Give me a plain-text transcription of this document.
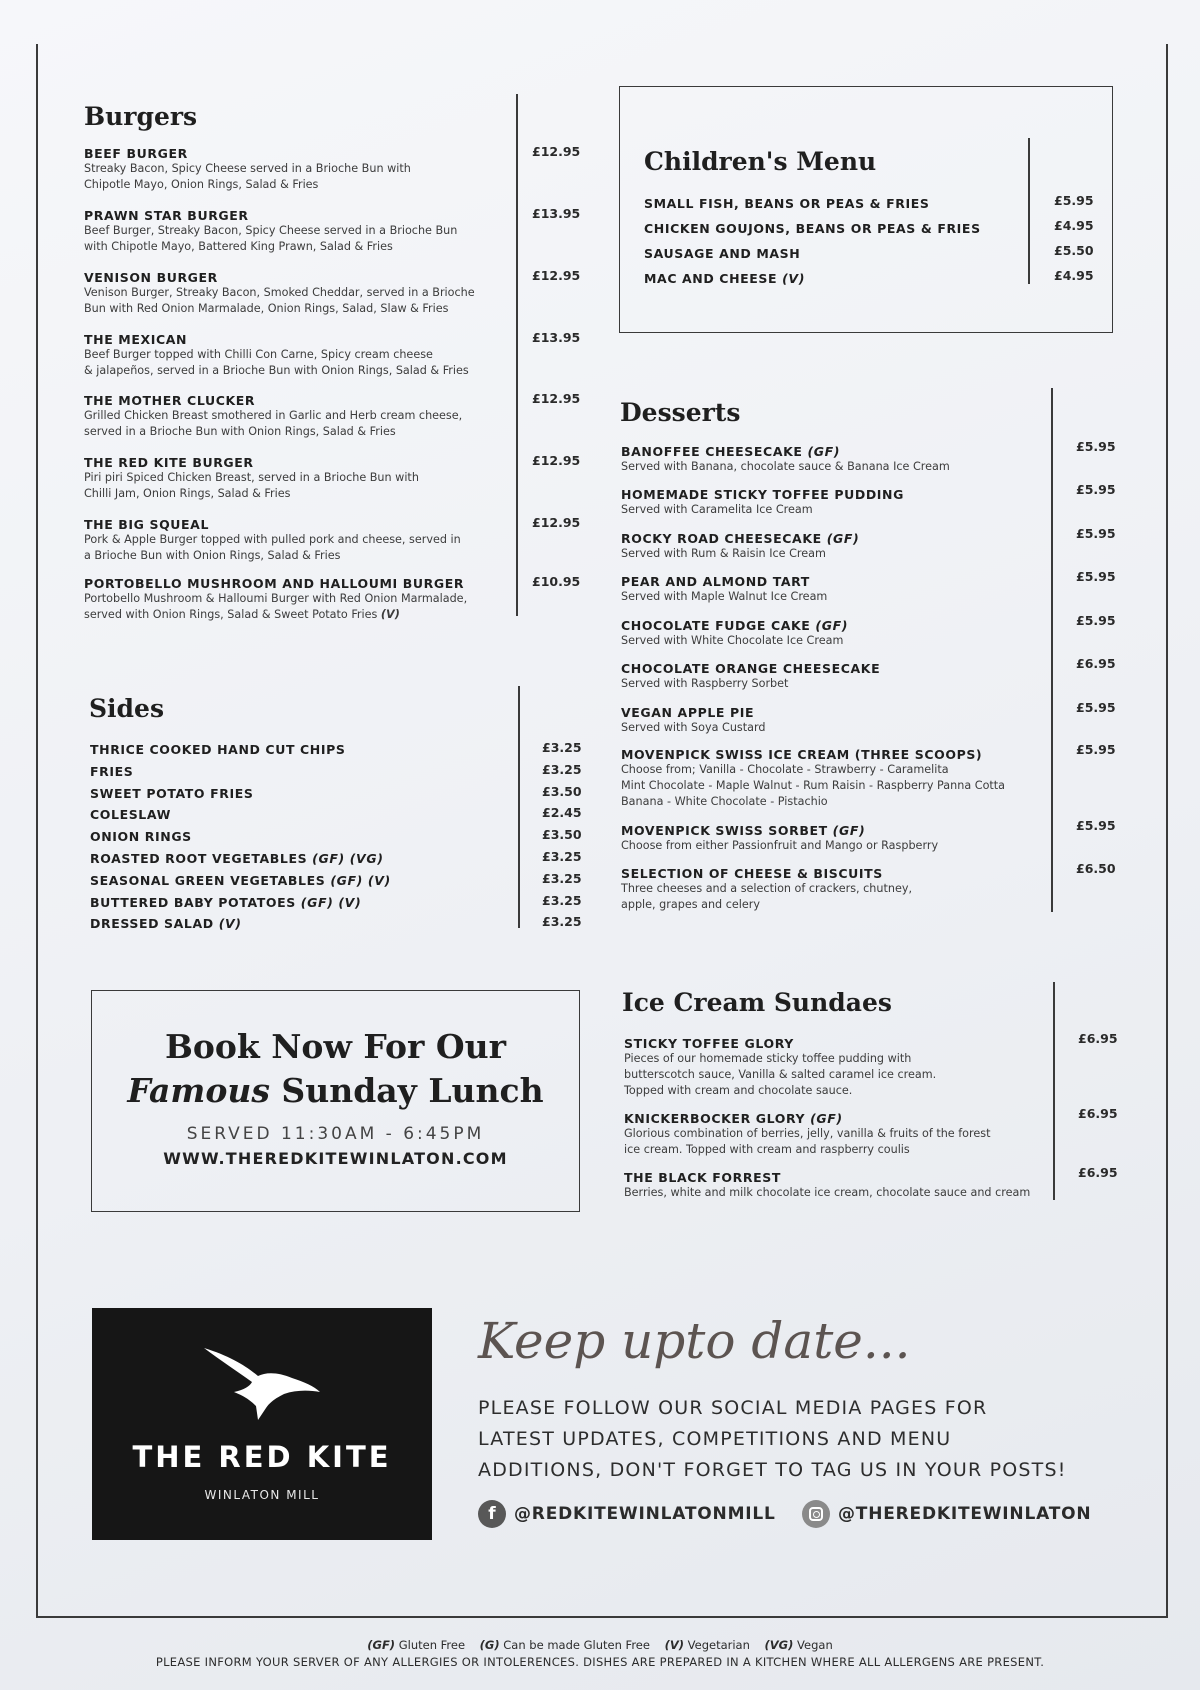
Burgers
BEEF BURGER
Streaky Bacon, Spicy Cheese served in a Brioche Bun with
Chipotle Mayo, Onion Rings, Salad & Fries
£12.95
PRAWN STAR BURGER
Beef Burger, Streaky Bacon, Spicy Cheese served in a Brioche Bun
with Chipotle Mayo, Battered King Prawn, Salad & Fries
£13.95
VENISON BURGER
Venison Burger, Streaky Bacon, Smoked Cheddar, served in a Brioche
Bun with Red Onion Marmalade, Onion Rings, Salad, Slaw & Fries
£12.95
THE MEXICAN
Beef Burger topped with Chilli Con Carne, Spicy cream cheese
& jalapeños, served in a Brioche Bun with Onion Rings, Salad & Fries
£13.95
THE MOTHER CLUCKER
Grilled Chicken Breast smothered in Garlic and Herb cream cheese,
served in a Brioche Bun with Onion Rings, Salad & Fries
£12.95
THE RED KITE BURGER
Piri piri Spiced Chicken Breast, served in a Brioche Bun with
Chilli Jam, Onion Rings, Salad & Fries
£12.95
THE BIG SQUEAL
Pork & Apple Burger topped with pulled pork and cheese, served in
a Brioche Bun with Onion Rings, Salad & Fries
£12.95
PORTOBELLO MUSHROOM AND HALLOUMI BURGER
Portobello Mushroom & Halloumi Burger with Red Onion Marmalade,
served with Onion Rings, Salad & Sweet Potato Fries (V)
£10.95
Sides
THRICE COOKED HAND CUT CHIPS	£3.25
FRIES	£3.25
SWEET POTATO FRIES	£3.50
COLESLAW	£2.45
ONION RINGS	£3.50
ROASTED ROOT VEGETABLES (GF) (VG)	£3.25
SEASONAL GREEN VEGETABLES (GF) (V)	£3.25
BUTTERED BABY POTATOES (GF) (V)	£3.25
DRESSED SALAD (V)	£3.25
Book Now For Our
Famous Sunday Lunch
SERVED 11:30AM - 6:45PM
WWW.THEREDKITEWINLATON.COM
Children's Menu
SMALL FISH, BEANS OR PEAS & FRIES	£5.95
CHICKEN GOUJONS, BEANS OR PEAS & FRIES	£4.95
SAUSAGE AND MASH	£5.50
MAC AND CHEESE (V)	£4.95
Desserts
BANOFFEE CHEESECAKE (GF)
Served with Banana, chocolate sauce & Banana Ice Cream
£5.95
HOMEMADE STICKY TOFFEE PUDDING
Served with Caramelita Ice Cream
£5.95
ROCKY ROAD CHEESECAKE (GF)
Served with Rum & Raisin Ice Cream
£5.95
PEAR AND ALMOND TART
Served with Maple Walnut Ice Cream
£5.95
CHOCOLATE FUDGE CAKE (GF)
Served with White Chocolate Ice Cream
£5.95
CHOCOLATE ORANGE CHEESECAKE
Served with Raspberry Sorbet
£6.95
VEGAN APPLE PIE
Served with Soya Custard
£5.95
MOVENPICK SWISS ICE CREAM (THREE SCOOPS)
Choose from; Vanilla - Chocolate - Strawberry - Caramelita
Mint Chocolate - Maple Walnut - Rum Raisin - Raspberry Panna Cotta
Banana - White Chocolate - Pistachio
£5.95
MOVENPICK SWISS SORBET (GF)
Choose from either Passionfruit and Mango or Raspberry
£5.95
SELECTION OF CHEESE & BISCUITS
Three cheeses and a selection of crackers, chutney,
apple, grapes and celery
£6.50
Ice Cream Sundaes
STICKY TOFFEE GLORY
Pieces of our homemade sticky toffee pudding with
butterscotch sauce, Vanilla & salted caramel ice cream.
Topped with cream and chocolate sauce.
£6.95
KNICKERBOCKER GLORY (GF)
Glorious combination of berries, jelly, vanilla & fruits of the forest
ice cream. Topped with cream and raspberry coulis
£6.95
THE BLACK FORREST
Berries, white and milk chocolate ice cream, chocolate sauce and cream
£6.95
THE RED KITE
WINLATON MILL
Keep upto date...
PLEASE FOLLOW OUR SOCIAL MEDIA PAGES FOR
LATEST UPDATES, COMPETITIONS AND MENU
ADDITIONS, DON'T FORGET TO TAG US IN YOUR POSTS!
f	@REDKITEWINLATONMILL	@THEREDKITEWINLATON
(GF) Gluten Free (G) Can be made Gluten Free (V) Vegetarian (VG) Vegan
PLEASE INFORM YOUR SERVER OF ANY ALLERGIES OR INTOLERENCES. DISHES ARE PREPARED IN A KITCHEN WHERE ALL ALLERGENS ARE PRESENT.
